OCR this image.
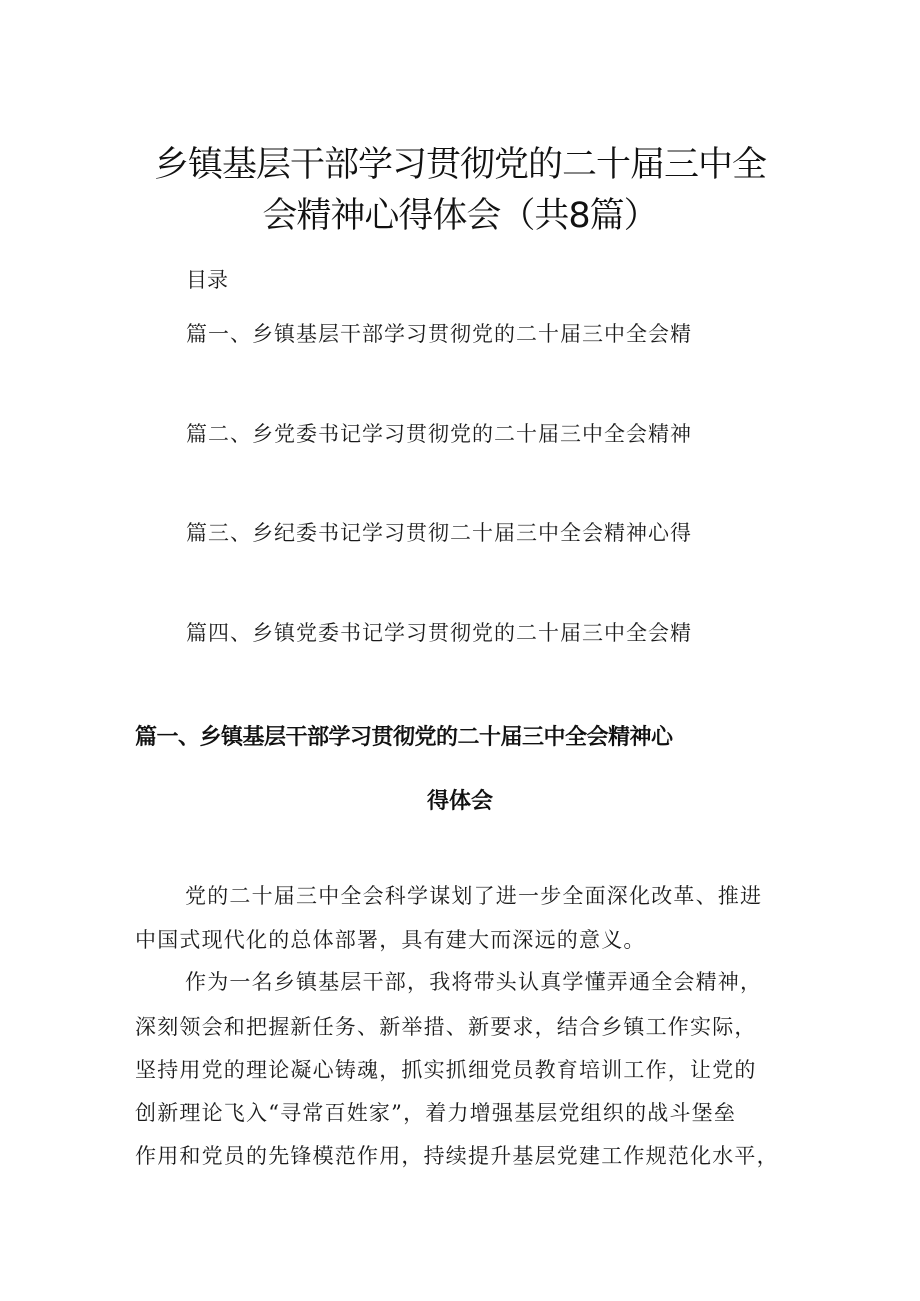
乡镇基层干部学习贯彻党的二十届三中全
会精神心得体会（共8篇）
目录
篇一、乡镇基层干部学习贯彻党的二十届三中全会精
篇二、乡党委书记学习贯彻党的二十届三中全会精神
篇三、乡纪委书记学习贯彻二十届三中全会精神心得
篇四、乡镇党委书记学习贯彻党的二十届三中全会精
篇一、乡镇基层干部学习贯彻党的二十届三中全会精神心
得体会
党的二十届三中全会科学谋划了进一步全面深化改革、推进
中国式现代化的总体部署，具有建大而深远的意义。
作为一名乡镇基层干部，我将带头认真学懂弄通全会精神，
深刻领会和把握新任务、新举措、新要求，结合乡镇工作实际，
坚持用党的理论凝心铸魂，抓实抓细党员教育培训工作，让党的
创新理论飞入“寻常百姓家”，着力增强基层党组织的战斗堡垒
作用和党员的先锋模范作用，持续提升基层党建工作规范化水平，
